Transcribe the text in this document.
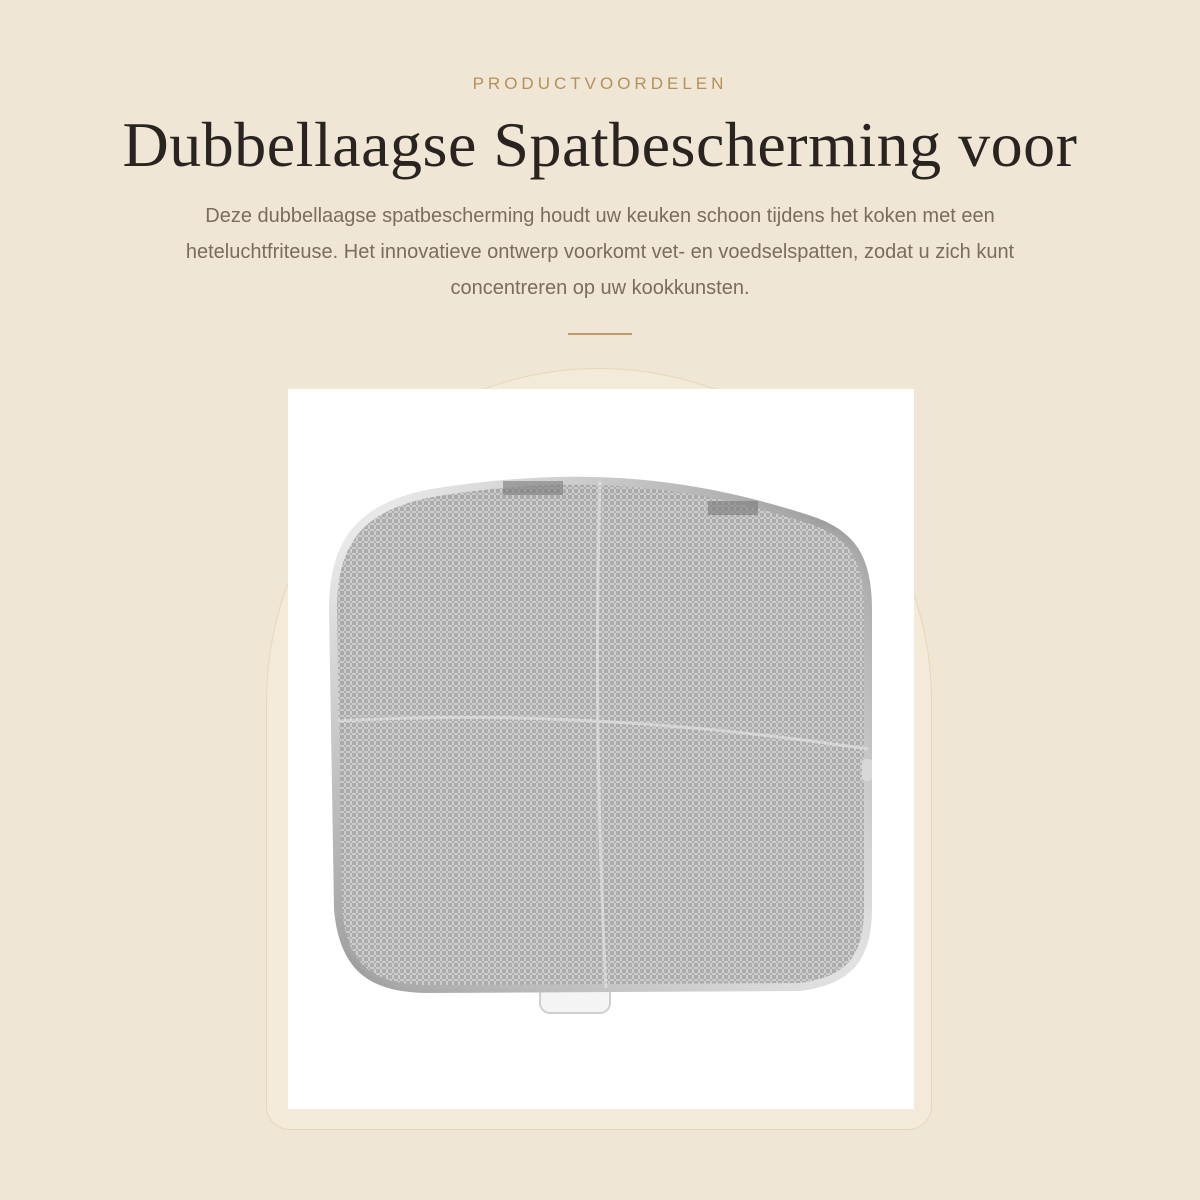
PRODUCTVOORDELEN
Dubbellaagse Spatbescherming voor

Deze dubbellaagse spatbescherming houdt uw keuken schoon tijdens het koken met een heteluchtfriteuse. Het innovatieve ontwerp voorkomt vet- en voedselspatten, zodat u zich kunt concentreren op uw kookkunsten.
